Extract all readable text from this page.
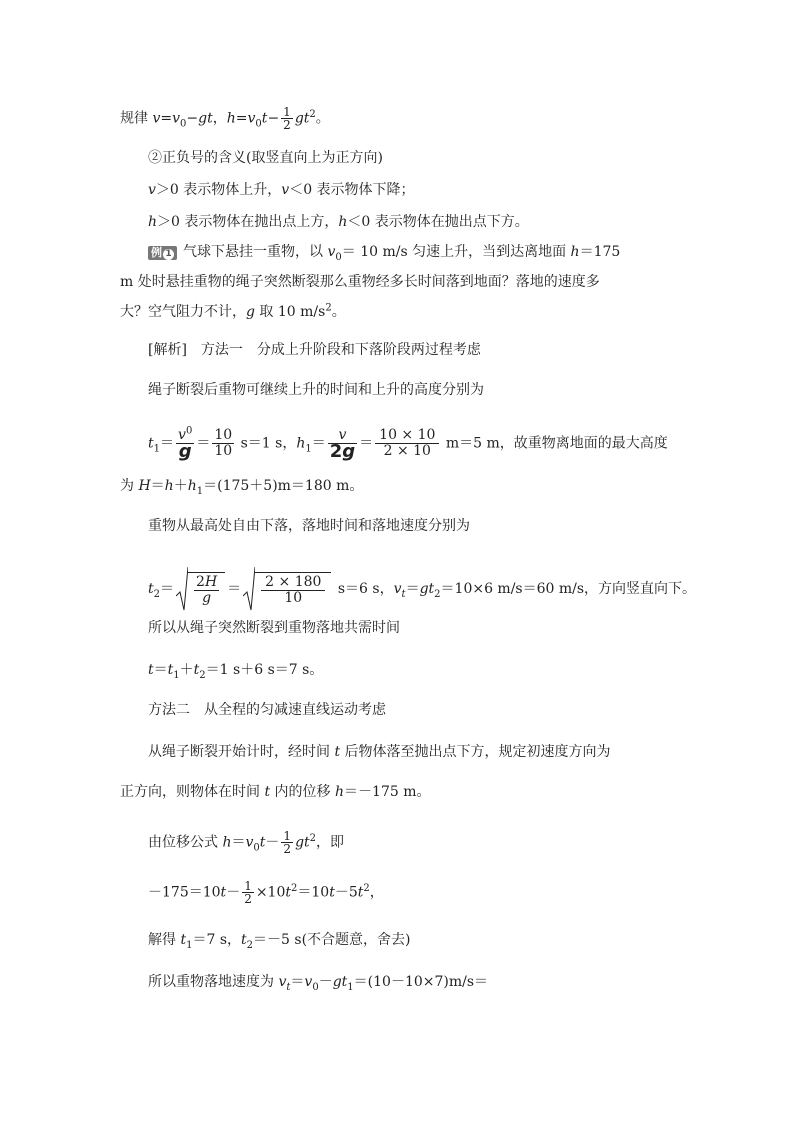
规律 $v=v_0-gt$，$h=v_0t- \frac{1}{2} gt^2$。
②正负号的含义(取竖直向上为正方向)
v＞0 表示物体上升，v＜0 表示物体下降；
h＞0 表示物体在抛出点上方，h＜0 表示物体在抛出点下方。
例 1 气球下悬挂一重物，以 $v_0= 10$ m/s 匀速上升，当到达离地面 h＝175
m 处时悬挂重物的绳子突然断裂那么重物经多长时间落到地面？落地的速度多
大？空气阻力不计，g 取 10 $m/s^2$。
[解析]　方法一　分成上升阶段和下落阶段两过程考虑
绳子断裂后重物可继续上升的时间和上升的高度分别为
$t_1=$
$v^0$
$g = \frac{10}{10} s=1$ s，$h_1=$
v
$2g = \frac{10 \times 10}{2 \times 10} m=5$ m，故重物离地面的最大高度
为 $H=h+h_1=(175+5)m=180$ m。
重物从最高处自由下落，落地时间和落地速度分别为
$t_2= \frac{2H}{g} = \frac{2 \times 180}{10} s=6$ s，$v_t=gt_2=10\times 6$ m/s＝60 m/s，方向竖直向下。
所以从绳子突然断裂到重物落地共需时间
$t=t_1+t_2=1$ s＋6 s＝7 s。
方法二　从全程的匀减速直线运动考虑
从绳子断裂开始计时，经时间 t 后物体落至抛出点下方，规定初速度方向为
正方向，则物体在时间 t 内的位移 h＝－175 m。
由位移公式 $h=v_0t- \frac{1}{2} gt^2$，即
$-175=10t- \frac{1}{2} \times 10t^2=10t-5t^2$，
解得 $t_1=7$ s，$t_2=-5$ s(不合题意，舍去)
所以重物落地速度为 $v_t=v_0-gt_1=(10-10\times 7)m/s=$
